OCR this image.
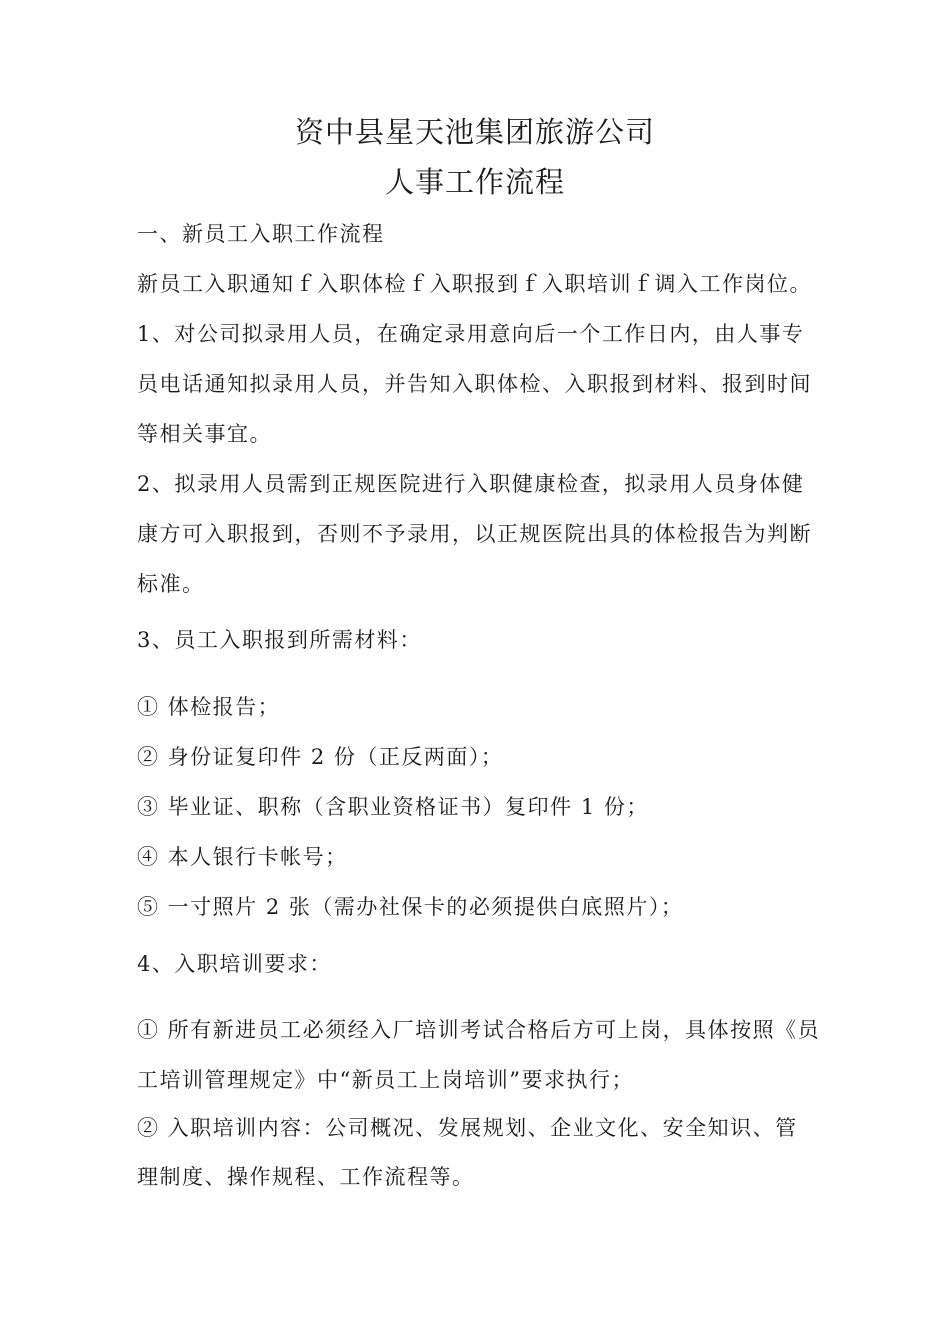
资中县星天池集团旅游公司
人事工作流程
一、新员工入职工作流程
新员工入职通知ｆ入职体检ｆ入职报到ｆ入职培训ｆ调入工作岗位。
1、对公司拟录用人员，在确定录用意向后一个工作日内，由人事专
员电话通知拟录用人员，并告知入职体检、入职报到材料、报到时间
等相关事宜。
2、拟录用人员需到正规医院进行入职健康检查，拟录用人员身体健
康方可入职报到，否则不予录用，以正规医院出具的体检报告为判断
标准。
3、员工入职报到所需材料：
① 体检报告；
② 身份证复印件 2 份（正反两面）；
③ 毕业证、职称（含职业资格证书）复印件 1 份；
④ 本人银行卡帐号；
⑤ 一寸照片 2 张（需办社保卡的必须提供白底照片）；
4、入职培训要求：
① 所有新进员工必须经入厂培训考试合格后方可上岗，具体按照《员
工培训管理规定》中“新员工上岗培训”要求执行；
② 入职培训内容：公司概况、发展规划、企业文化、安全知识、管
理制度、操作规程、工作流程等。
